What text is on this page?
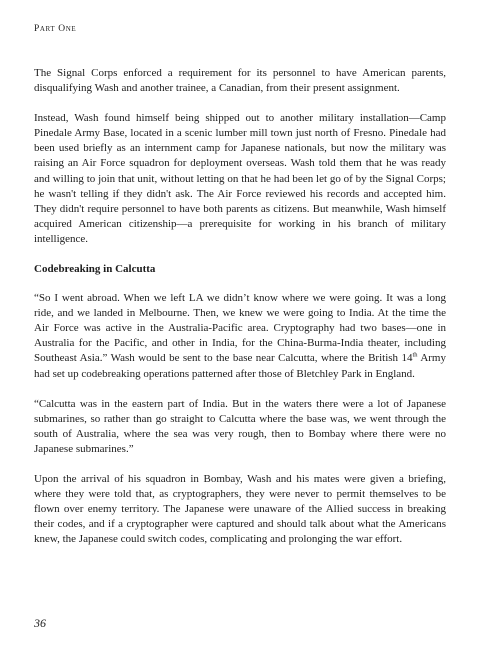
Part One

The Signal Corps enforced a requirement for its personnel to have American parents, disqualifying Wash and another trainee, a Canadian, from their present assignment.

Instead, Wash found himself being shipped out to another military installation—Camp Pinedale Army Base, located in a scenic lumber mill town just north of Fresno. Pinedale had been used briefly as an internment camp for Japanese nationals, but now the military was raising an Air Force squadron for deployment overseas. Wash told them that he was ready and willing to join that unit, without letting on that he had been let go of by the Signal Corps; he wasn't telling if they didn't ask. The Air Force reviewed his records and accepted him. They didn't require personnel to have both parents as citizens. But meanwhile, Wash himself acquired American citizenship—a prerequisite for working in his branch of military intelligence.

Codebreaking in Calcutta

“So I went abroad. When we left LA we didn’t know where we were going. It was a long ride, and we landed in Melbourne. Then, we knew we were going to India. At the time the Air Force was active in the Australia-Pacific area. Cryptography had two bases—one in Australia for the Pacific, and other in India, for the China-Burma-India theater, including Southeast Asia.” Wash would be sent to the base near Calcutta, where the British 14th Army had set up codebreaking operations patterned after those of Bletchley Park in England.

“Calcutta was in the eastern part of India. But in the waters there were a lot of Japanese submarines, so rather than go straight to Calcutta where the base was, we went through the south of Australia, where the sea was very rough, then to Bombay where there were no Japanese submarines.”

Upon the arrival of his squadron in Bombay, Wash and his mates were given a briefing, where they were told that, as cryptographers, they were never to permit themselves to be flown over enemy territory. The Japanese were unaware of the Allied success in breaking their codes, and if a cryptographer were captured and should talk about what the Americans knew, the Japanese could switch codes, complicating and prolonging the war effort.

36
